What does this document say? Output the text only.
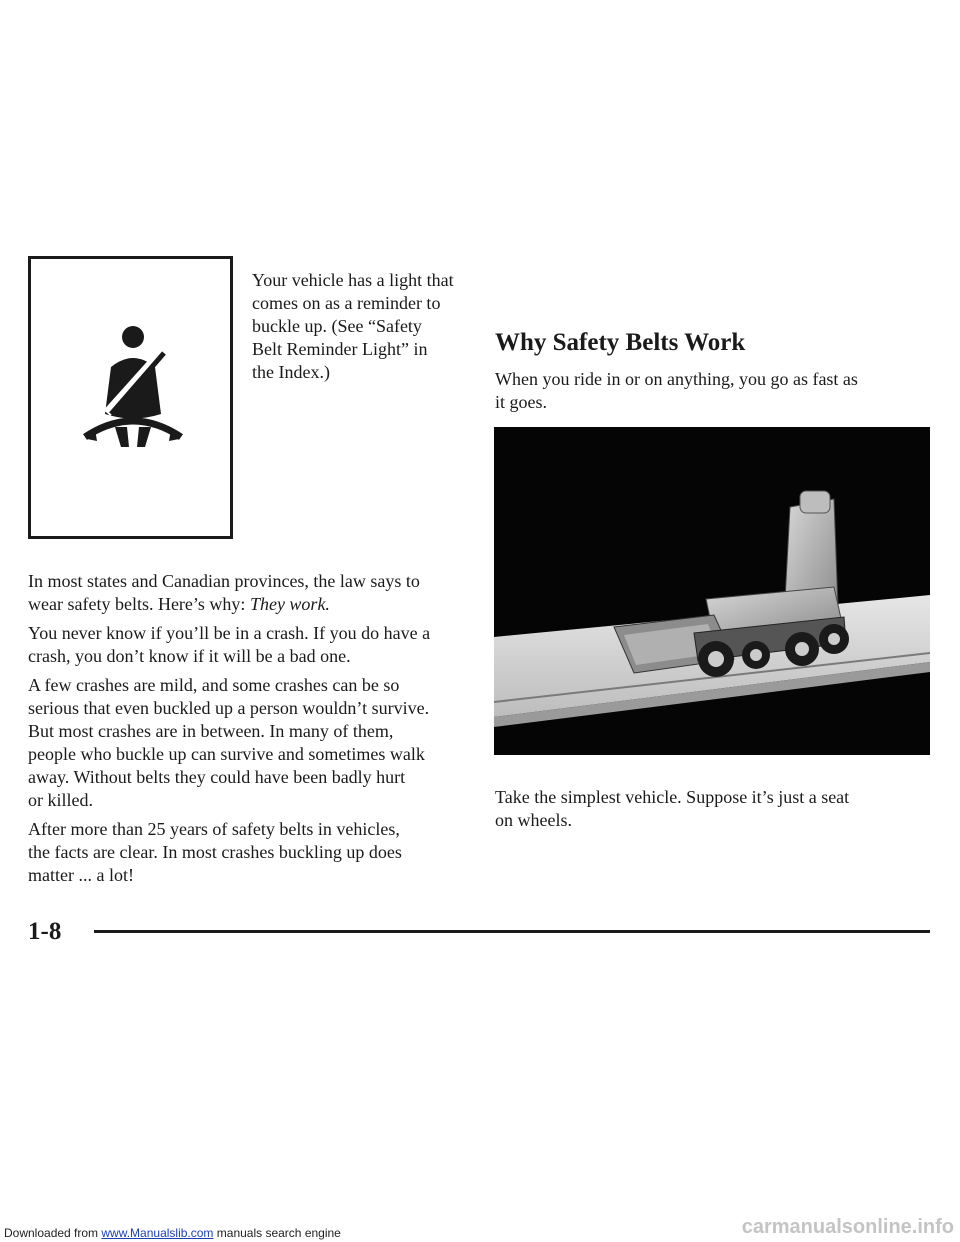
Your vehicle has a light that
comes on as a reminder to
buckle up. (See “Safety
Belt Reminder Light” in
the Index.)

In most states and Canadian provinces, the law says to
wear safety belts. Here’s why: They work.

You never know if you’ll be in a crash. If you do have a
crash, you don’t know if it will be a bad one.

A few crashes are mild, and some crashes can be so
serious that even buckled up a person wouldn’t survive.
But most crashes are in between. In many of them,
people who buckle up can survive and sometimes walk
away. Without belts they could have been badly hurt
or killed.

After more than 25 years of safety belts in vehicles,
the facts are clear. In most crashes buckling up does
matter ... a lot!

Why Safety Belts Work

When you ride in or on anything, you go as fast as
it goes.

Take the simplest vehicle. Suppose it’s just a seat
on wheels.

1-8
Downloaded from www.Manualslib.com manuals search engine	carmanualsonline.info
